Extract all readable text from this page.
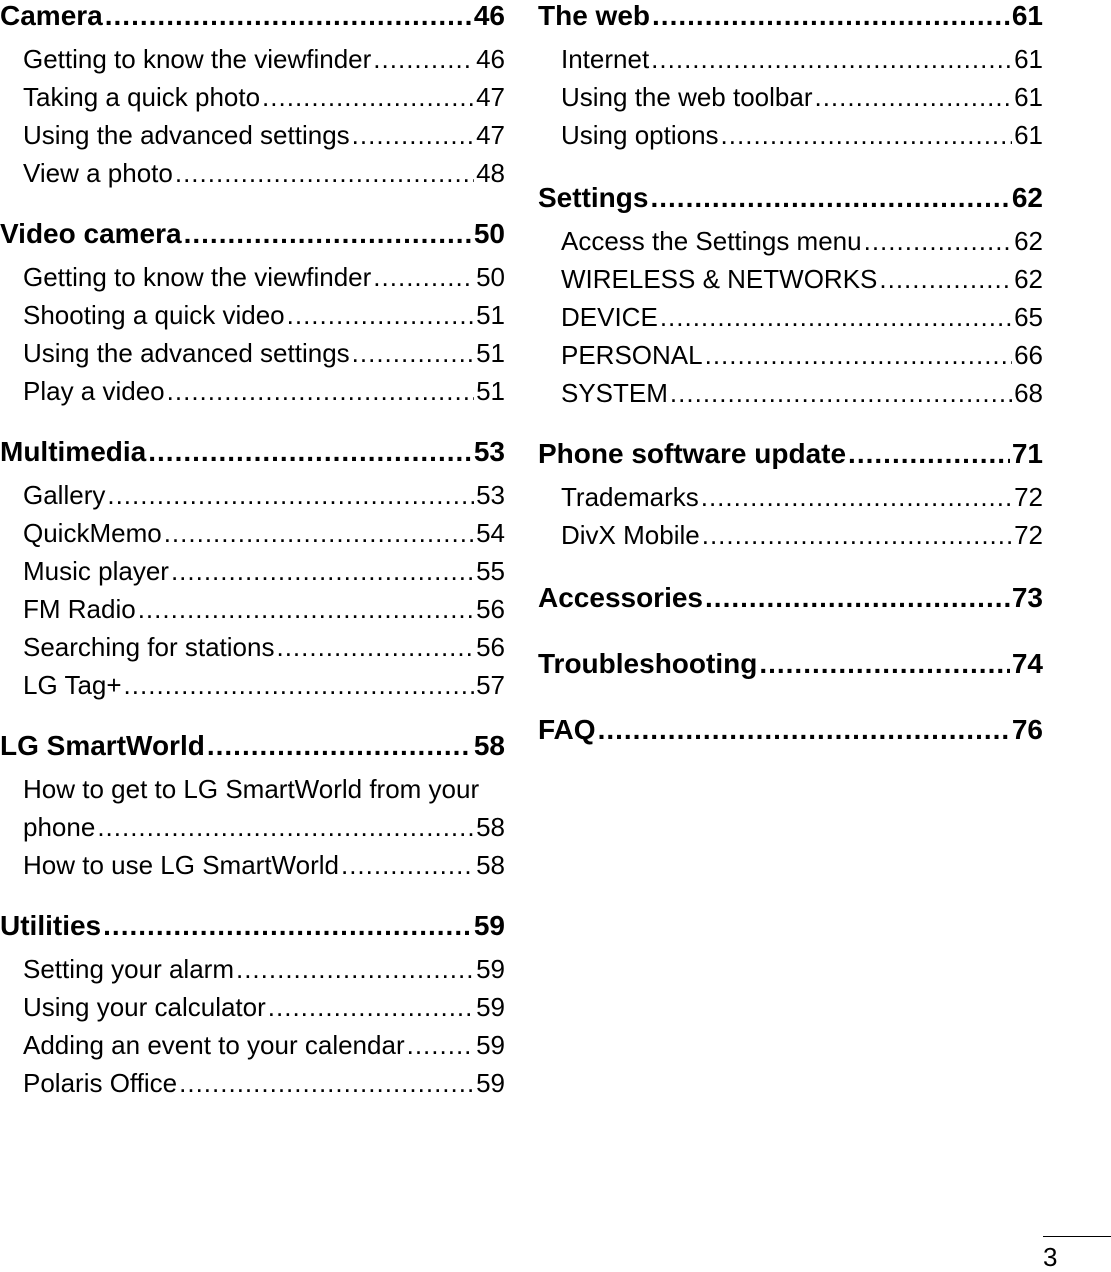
Camera .....	46
Getting to know the viewfinder .....	46
Taking a quick photo .....	47
Using the advanced settings .....	47
View a photo .....	48
Video camera .....	50
Getting to know the viewfinder .....	50
Shooting a quick video .....	51
Using the advanced settings .....	51
Play a video .....	51
Multimedia .....	53
Gallery .....	53
QuickMemo .....	54
Music player .....	55
FM Radio .....	56
Searching for stations .....	56
LG Tag+ .....	57
LG SmartWorld .....	58
How to get to LG SmartWorld from your
phone .....	58
How to use LG SmartWorld .....	58
Utilities .....	59
Setting your alarm .....	59
Using your calculator .....	59
Adding an event to your calendar .....	59
Polaris Office .....	59
The web .....	61
Internet .....	61
Using the web toolbar .....	61
Using options .....	61
Settings .....	62
Access the Settings menu .....	62
WIRELESS & NETWORKS .....	62
DEVICE .....	65
PERSONAL .....	66
SYSTEM .....	68
Phone software update .....	71
Trademarks .....	72
DivX Mobile .....	72
Accessories .....	73
Troubleshooting .....	74
FAQ .....	76
3
